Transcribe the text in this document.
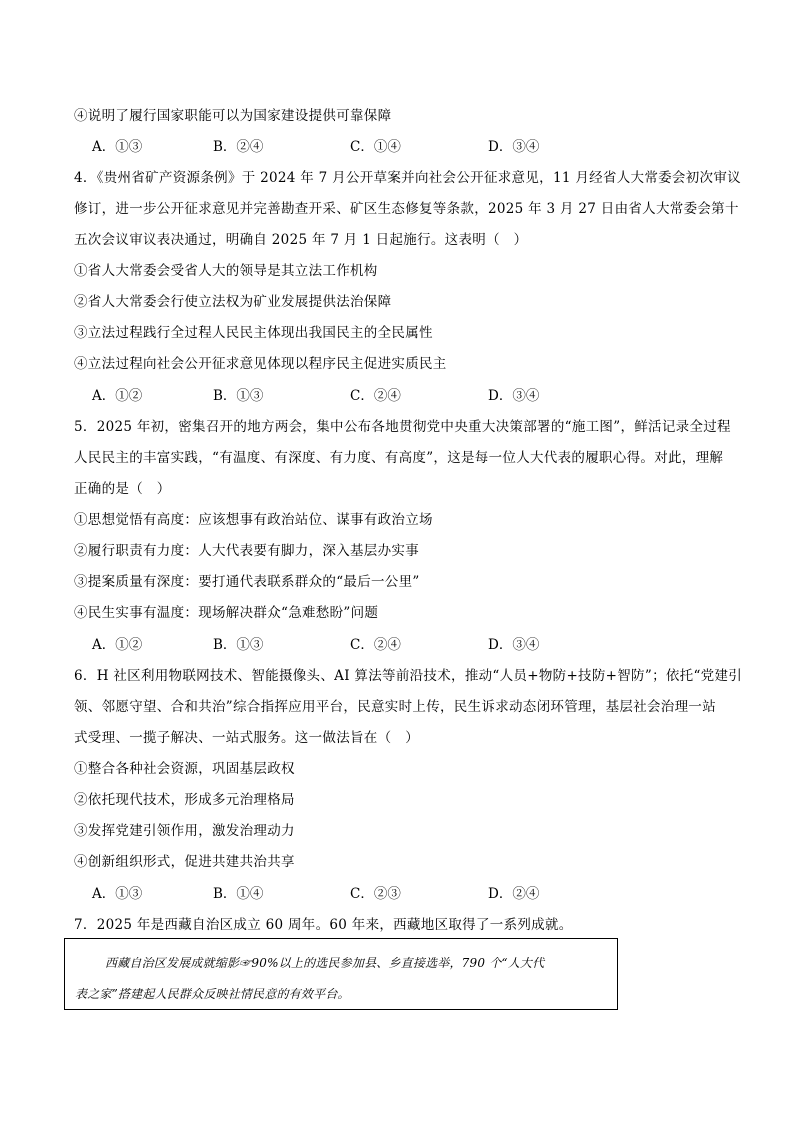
④说明了履行国家职能可以为国家建设提供可靠保障
A．①③	B．②④	C．①④	D．③④
4．《贵州省矿产资源条例》于 2024 年 7 月公开草案并向社会公开征求意见，11 月经省人大常委会初次审议
修订，进一步公开征求意见并完善勘查开采、矿区生态修复等条款，2025 年 3 月 27 日由省人大常委会第十
五次会议审议表决通过，明确自 2025 年 7 月 1 日起施行。这表明（　）
①省人大常委会受省人大的领导是其立法工作机构
②省人大常委会行使立法权为矿业发展提供法治保障
③立法过程践行全过程人民民主体现出我国民主的全民属性
④立法过程向社会公开征求意见体现以程序民主促进实质民主
A．①②	B．①③	C．②④	D．③④
5．2025 年初，密集召开的地方两会，集中公布各地贯彻党中央重大决策部署的“施工图”，鲜活记录全过程
人民民主的丰富实践，“有温度、有深度、有力度、有高度”，这是每一位人大代表的履职心得。对此，理解
正确的是（　）
①思想觉悟有高度：应该想事有政治站位、谋事有政治立场
②履行职责有力度：人大代表要有脚力，深入基层办实事
③提案质量有深度：要打通代表联系群众的“最后一公里”
④民生实事有温度：现场解决群众“急难愁盼”问题
A．①②	B．①③	C．②④	D．③④
6．H 社区利用物联网技术、智能摄像头、AI 算法等前沿技术，推动“人员+物防+技防+智防”；依托“党建引
领、邻愿守望、合和共治”综合指挥应用平台，民意实时上传，民生诉求动态闭环管理，基层社会治理一站
式受理、一揽子解决、一站式服务。这一做法旨在（　）
①整合各种社会资源，巩固基层政权
②依托现代技术，形成多元治理格局
③发挥党建引领作用，激发治理动力
④创新组织形式，促进共建共治共享
A．①③	B．①④	C．②③	D．②④
7．2025 年是西藏自治区成立 60 周年。60 年来，西藏地区取得了一系列成就。
西藏自治区发展成就缩影☞90%以上的选民参加县、乡直接选举，790 个“人大代
表之家”搭建起人民群众反映社情民意的有效平台。
